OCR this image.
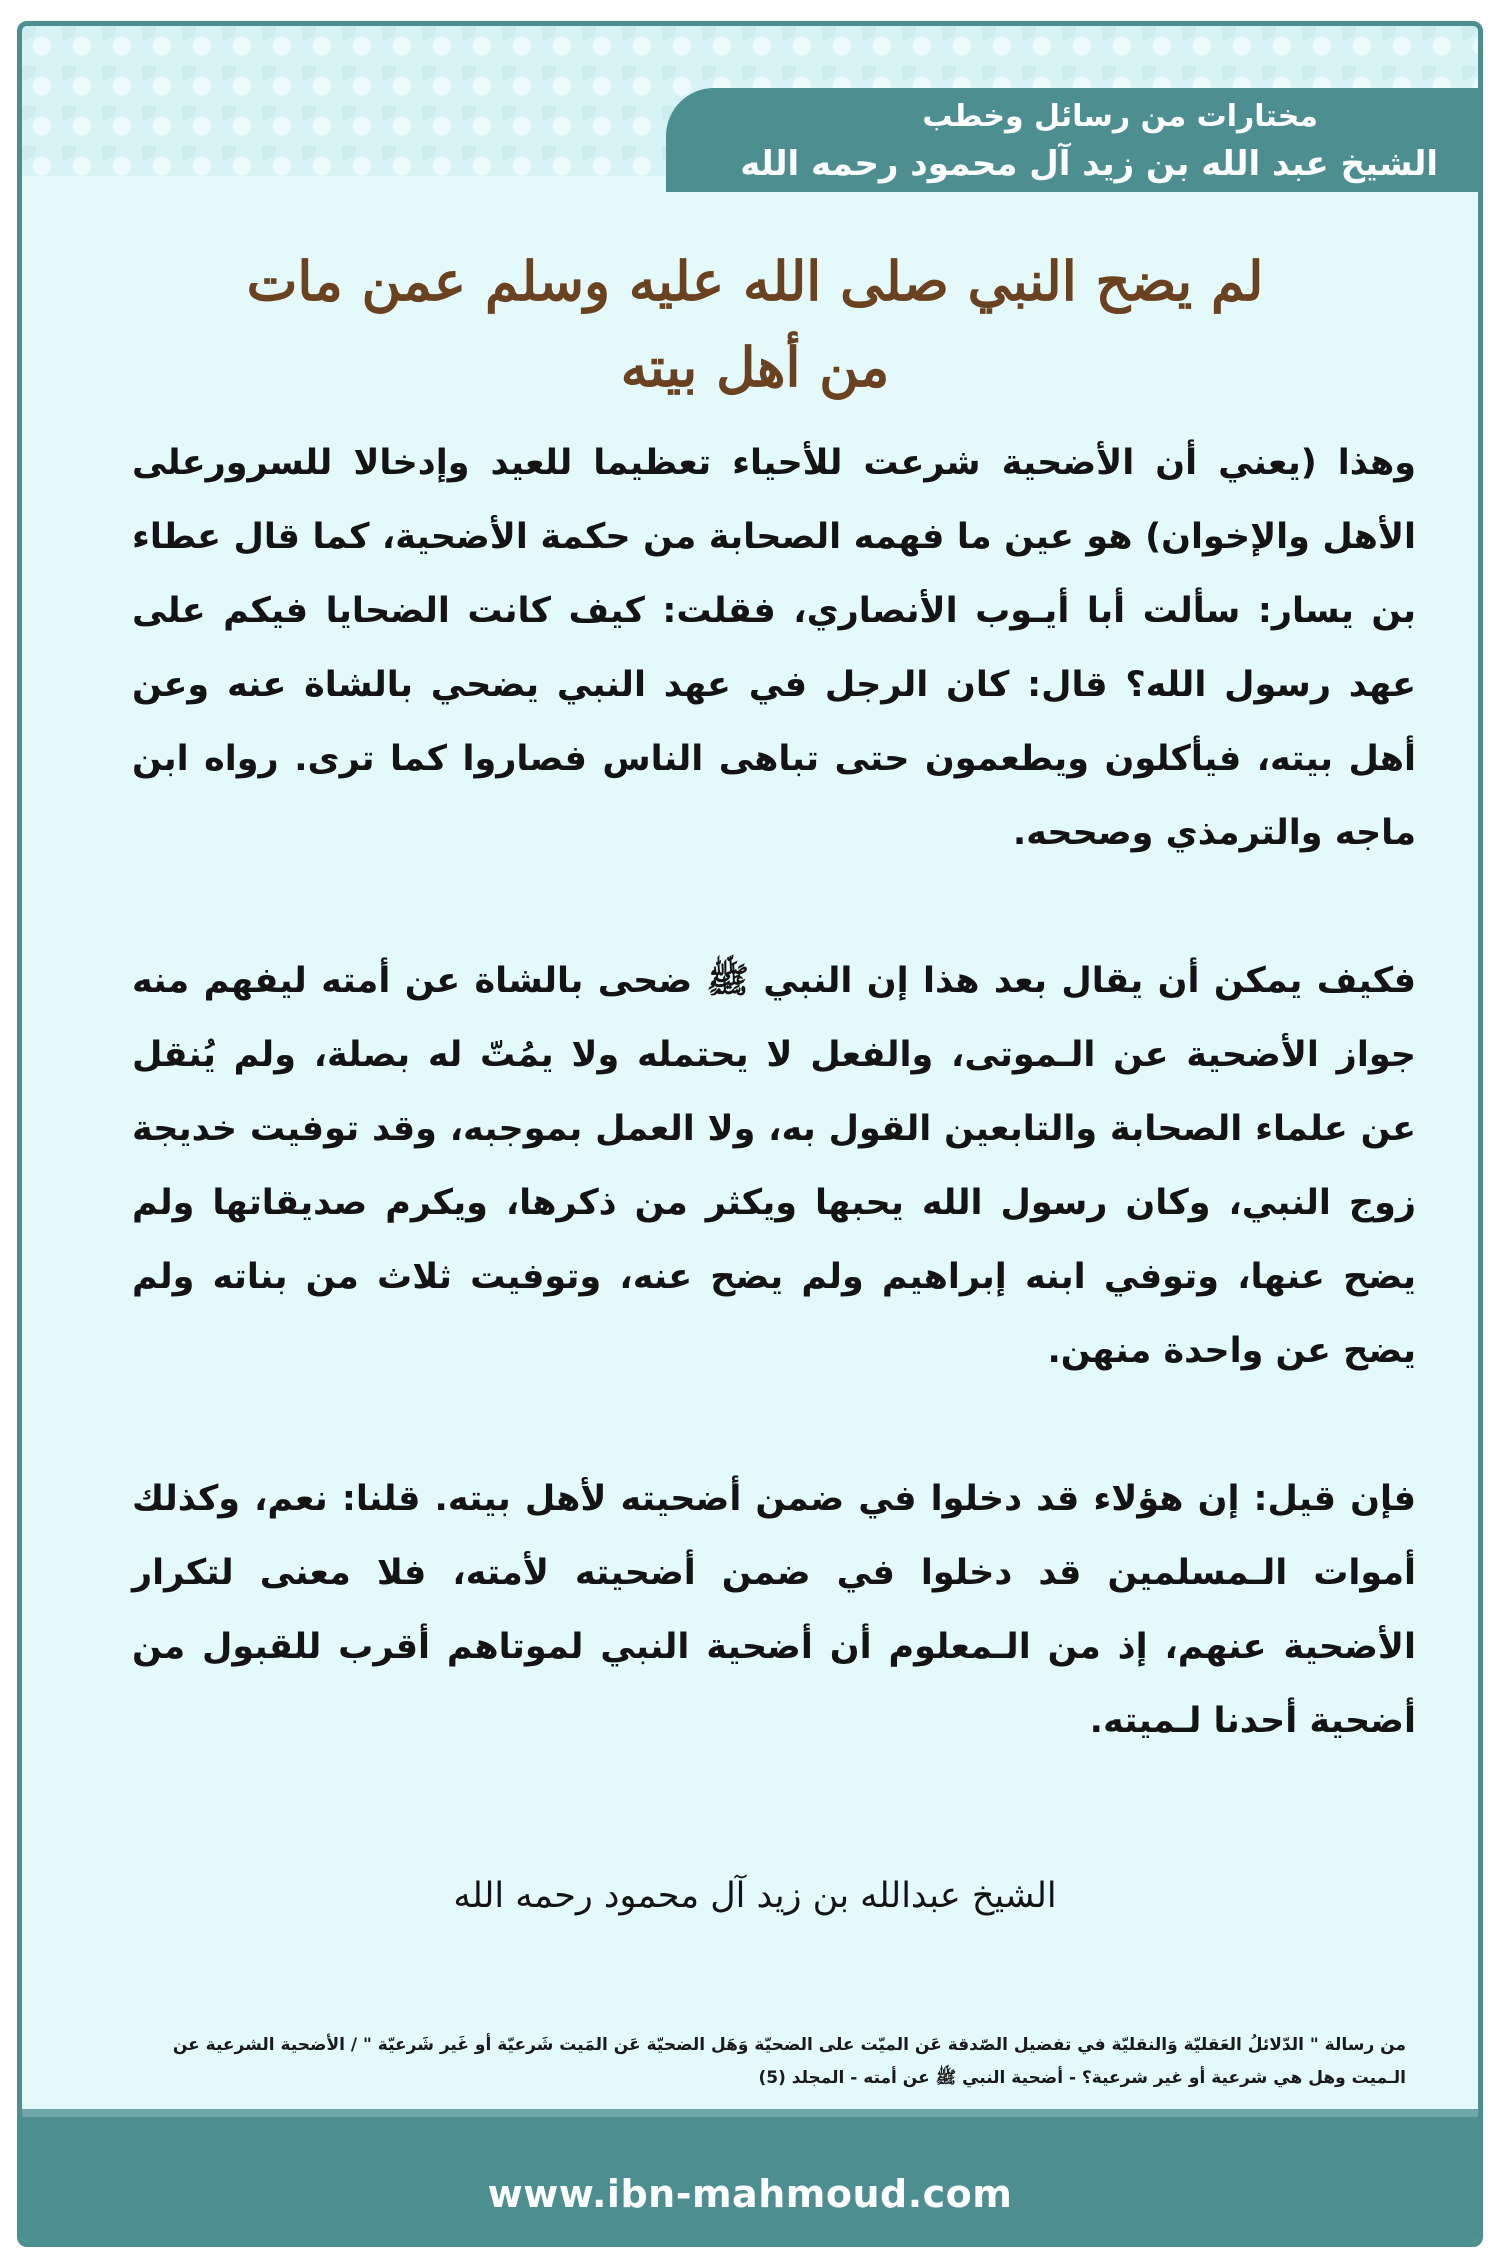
مختارات من رسائل وخطب
الشيخ عبد الله بن زيد آل محمود رحمه الله
لم يضح النبي صلى الله عليه وسلم عمن مات
من أهل بيته

وهذا (يعني أن الأضحية شرعت للأحياء تعظيما للعيد وإدخالا للسرورعلى الأهل والإخوان) هو عين ما فهمه الصحابة من حكمة الأضحية، كما قال عطاء بن يسار: سألت أبا أيـوب الأنصاري، فقلت: كيف كانت الضحايا فيكم على عهد رسول الله؟ قال: كان الرجل في عهد النبي يضحي بالشاة عنه وعن أهل بيته، فيأكلون ويطعمون حتى تباهى الناس فصاروا كما ترى. رواه ابن ماجه والترمذي وصححه.

فكيف يمكن أن يقال بعد هذا إن النبي ﷺ ضحى بالشاة عن أمته ليفهم منه جواز الأضحية عن الـموتى، والفعل لا يحتمله ولا يمُتّ له بصلة، ولم يُنقل عن علماء الصحابة والتابعين القول به، ولا العمل بموجبه، وقد توفيت خديجة زوج النبي، وكان رسول الله يحبها ويكثر من ذكرها، ويكرم صديقاتها ولم يضح عنها، وتوفي ابنه إبراهيم ولم يضح عنه، وتوفيت ثلاث من بناته ولم يضح عن واحدة منهن.

فإن قيل: إن هؤلاء قد دخلوا في ضمن أضحيته لأهل بيته. قلنا: نعم، وكذلك أموات الـمسلمين قد دخلوا في ضمن أضحيته لأمته، فلا معنى لتكرار الأضحية عنهم، إذ من الـمعلوم أن أضحية النبي لموتاهم أقرب للقبول من أضحية أحدنا لـميته.

الشيخ عبدالله بن زيد آل محمود رحمه الله
من رسالة " الدّلائلُ العَقليّة وَالنقليّة في تفضيل الصّدقة عَن الميّت على الضحيّة وَهَل الضحيّة عَن المَيت شَرعيّة أو غَير شَرعيّة " / الأضحية الشرعية عن الـميت وهل هي شرعية أو غير شرعية؟ - أضحية النبي ﷺ عن أمته - المجلد (5)
www.ibn-mahmoud.com
